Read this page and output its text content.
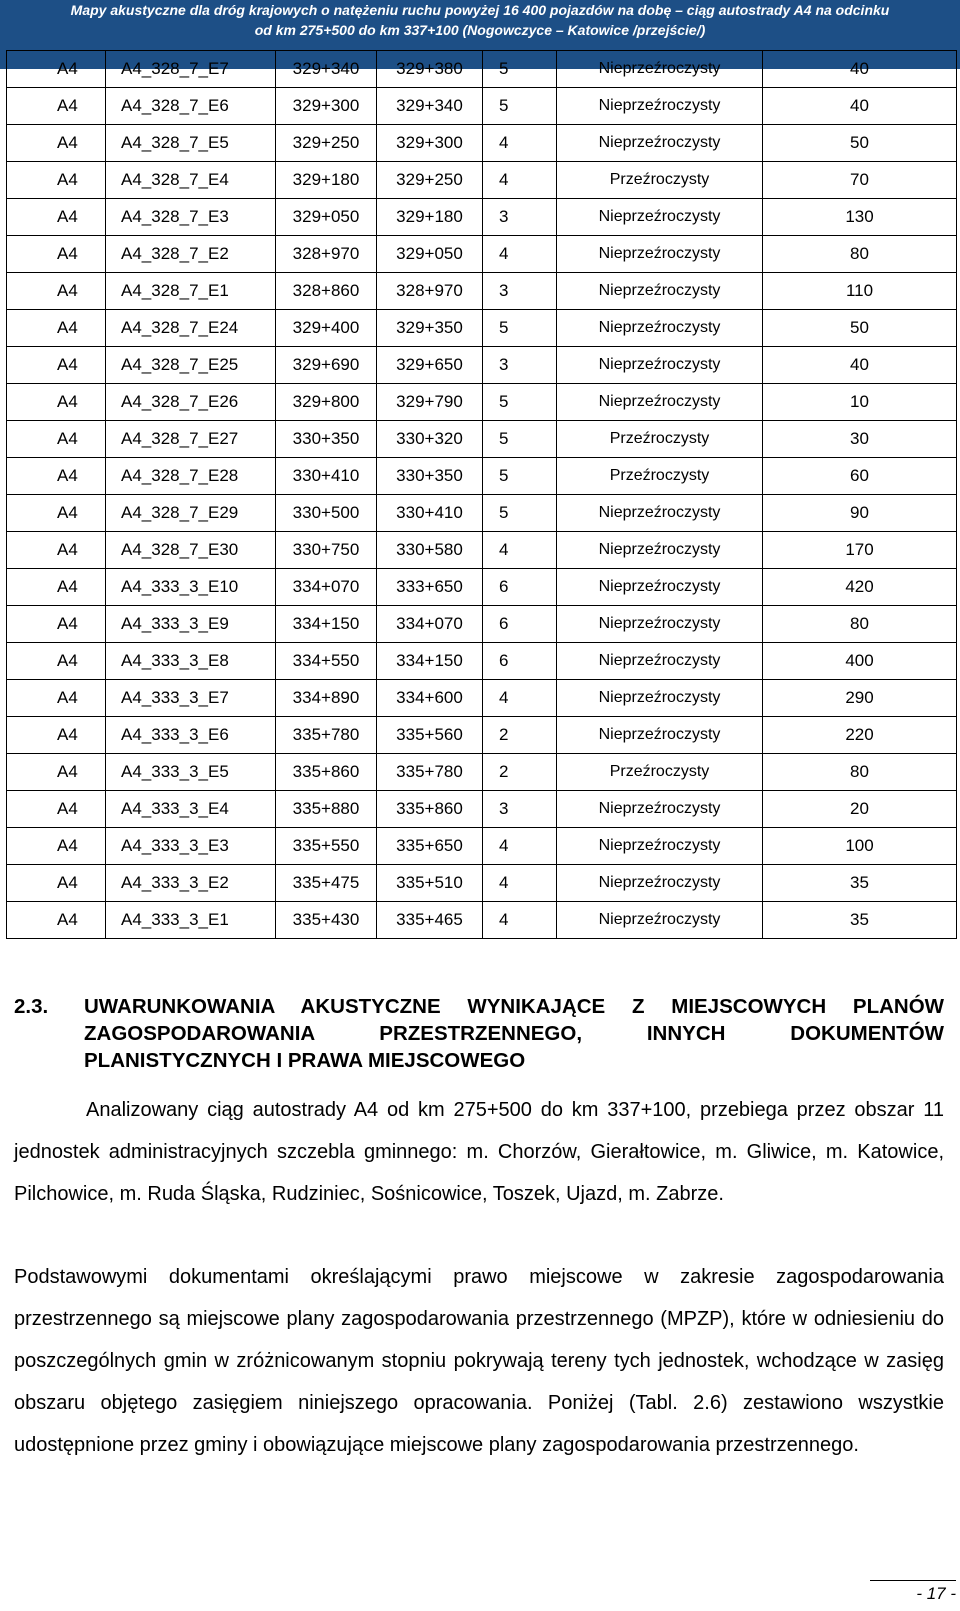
Mapy akustyczne dla dróg krajowych o natężeniu ruchu powyżej 16 400 pojazdów na dobę – ciąg autostrady A4 na odcinku
od km 275+500 do km 337+100 (Nogowczyce – Katowice /przejście/)
A4	A4_328_7_E7	329+340	329+380	5	Nieprzeźroczysty	40
A4	A4_328_7_E6	329+300	329+340	5	Nieprzeźroczysty	40
A4	A4_328_7_E5	329+250	329+300	4	Nieprzeźroczysty	50
A4	A4_328_7_E4	329+180	329+250	4	Przeźroczysty	70
A4	A4_328_7_E3	329+050	329+180	3	Nieprzeźroczysty	130
A4	A4_328_7_E2	328+970	329+050	4	Nieprzeźroczysty	80
A4	A4_328_7_E1	328+860	328+970	3	Nieprzeźroczysty	110
A4	A4_328_7_E24	329+400	329+350	5	Nieprzeźroczysty	50
A4	A4_328_7_E25	329+690	329+650	3	Nieprzeźroczysty	40
A4	A4_328_7_E26	329+800	329+790	5	Nieprzeźroczysty	10
A4	A4_328_7_E27	330+350	330+320	5	Przeźroczysty	30
A4	A4_328_7_E28	330+410	330+350	5	Przeźroczysty	60
A4	A4_328_7_E29	330+500	330+410	5	Nieprzeźroczysty	90
A4	A4_328_7_E30	330+750	330+580	4	Nieprzeźroczysty	170
A4	A4_333_3_E10	334+070	333+650	6	Nieprzeźroczysty	420
A4	A4_333_3_E9	334+150	334+070	6	Nieprzeźroczysty	80
A4	A4_333_3_E8	334+550	334+150	6	Nieprzeźroczysty	400
A4	A4_333_3_E7	334+890	334+600	4	Nieprzeźroczysty	290
A4	A4_333_3_E6	335+780	335+560	2	Nieprzeźroczysty	220
A4	A4_333_3_E5	335+860	335+780	2	Przeźroczysty	80
A4	A4_333_3_E4	335+880	335+860	3	Nieprzeźroczysty	20
A4	A4_333_3_E3	335+550	335+650	4	Nieprzeźroczysty	100
A4	A4_333_3_E2	335+475	335+510	4	Nieprzeźroczysty	35
A4	A4_333_3_E1	335+430	335+465	4	Nieprzeźroczysty	35
2.3. UWARUNKOWANIA AKUSTYCZNE WYNIKAJĄCE Z MIEJSCOWYCH PLANÓW ZAGOSPODAROWANIA PRZESTRZENNEGO, INNYCH DOKUMENTÓW PLANISTYCZNYCH I PRAWA MIEJSCOWEGO
Analizowany ciąg autostrady A4 od km 275+500 do km 337+100, przebiega przez obszar 11 jednostek administracyjnych szczebla gminnego: m. Chorzów, Gierałtowice, m. Gliwice, m. Katowice, Pilchowice, m. Ruda Śląska, Rudziniec, Sośnicowice, Toszek, Ujazd, m. Zabrze.
Podstawowymi dokumentami określającymi prawo miejscowe w zakresie zagospodarowania przestrzennego są miejscowe plany zagospodarowania przestrzennego (MPZP), które w odniesieniu do poszczególnych gmin w zróżnicowanym stopniu pokrywają tereny tych jednostek, wchodzące w zasięg obszaru objętego zasięgiem niniejszego opracowania. Poniżej (Tabl. 2.6) zestawiono wszystkie udostępnione przez gminy i obowiązujące miejscowe plany zagospodarowania przestrzennego.
- 17 -
